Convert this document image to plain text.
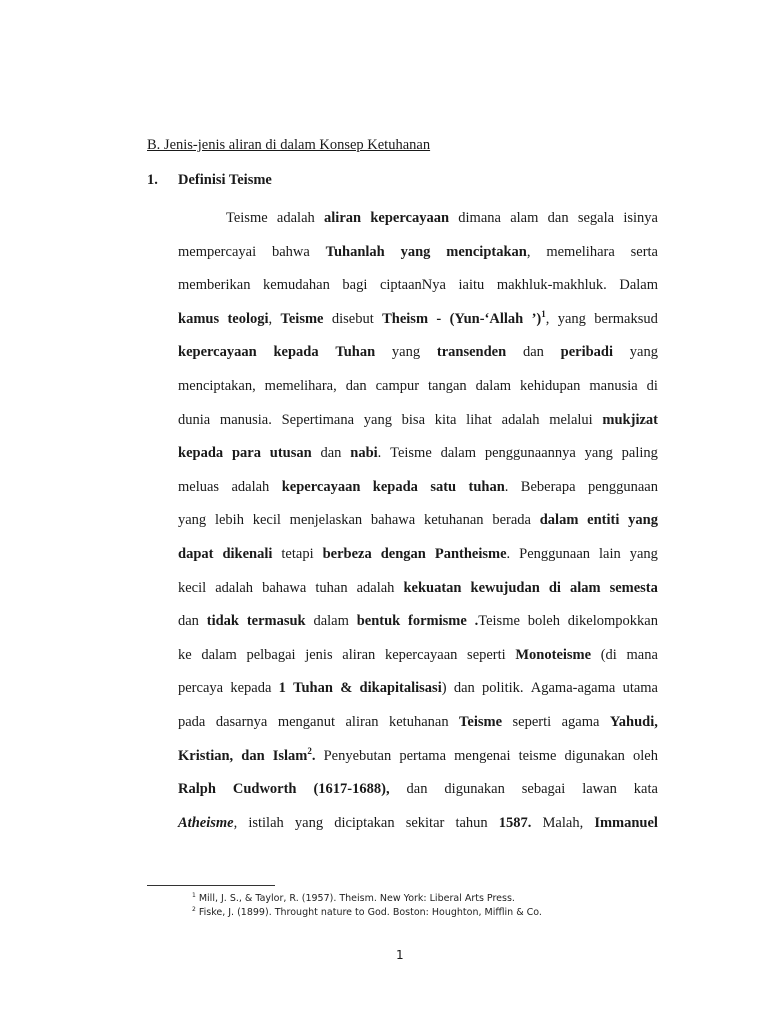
B. Jenis-jenis aliran di dalam Konsep Ketuhanan
1. Definisi Teisme
Teisme adalah aliran kepercayaan dimana alam dan segala isinya
mempercayai bahwa Tuhanlah yang menciptakan, memelihara serta
memberikan kemudahan bagi ciptaanNya iaitu makhluk-makhluk. Dalam
kamus teologi, Teisme disebut Theism - (Yun-‘Allah ’)$^1$, yang bermaksud
kepercayaan kepada Tuhan yang transenden dan peribadi yang
menciptakan, memelihara, dan campur tangan dalam kehidupan manusia di
dunia manusia. Sepertimana yang bisa kita lihat adalah melalui mukjizat
kepada para utusan dan nabi. Teisme dalam penggunaannya yang paling
meluas adalah kepercayaan kepada satu tuhan. Beberapa penggunaan
yang lebih kecil menjelaskan bahawa ketuhanan berada dalam entiti yang
dapat dikenali tetapi berbeza dengan Pantheisme. Penggunaan lain yang
kecil adalah bahawa tuhan adalah kekuatan kewujudan di alam semesta
dan tidak termasuk dalam bentuk formisme .Teisme boleh dikelompokkan
ke dalam pelbagai jenis aliran kepercayaan seperti Monoteisme (di mana
percaya kepada 1 Tuhan & dikapitalisasi) dan politik. Agama-agama utama
pada dasarnya menganut aliran ketuhanan Teisme seperti agama Yahudi,
Kristian, dan Islam$^2$. Penyebutan pertama mengenai teisme digunakan oleh
Ralph Cudworth (1617-1688), dan digunakan sebagai lawan kata
Atheisme, istilah yang diciptakan sekitar tahun 1587. Malah, Immanuel
$^1$ Mill, J. S., & Taylor, R. (1957). Theism. New York: Liberal Arts Press.
$^2$ Fiske, J. (1899). Throught nature to God. Boston: Houghton, Mifflin & Co.
1
